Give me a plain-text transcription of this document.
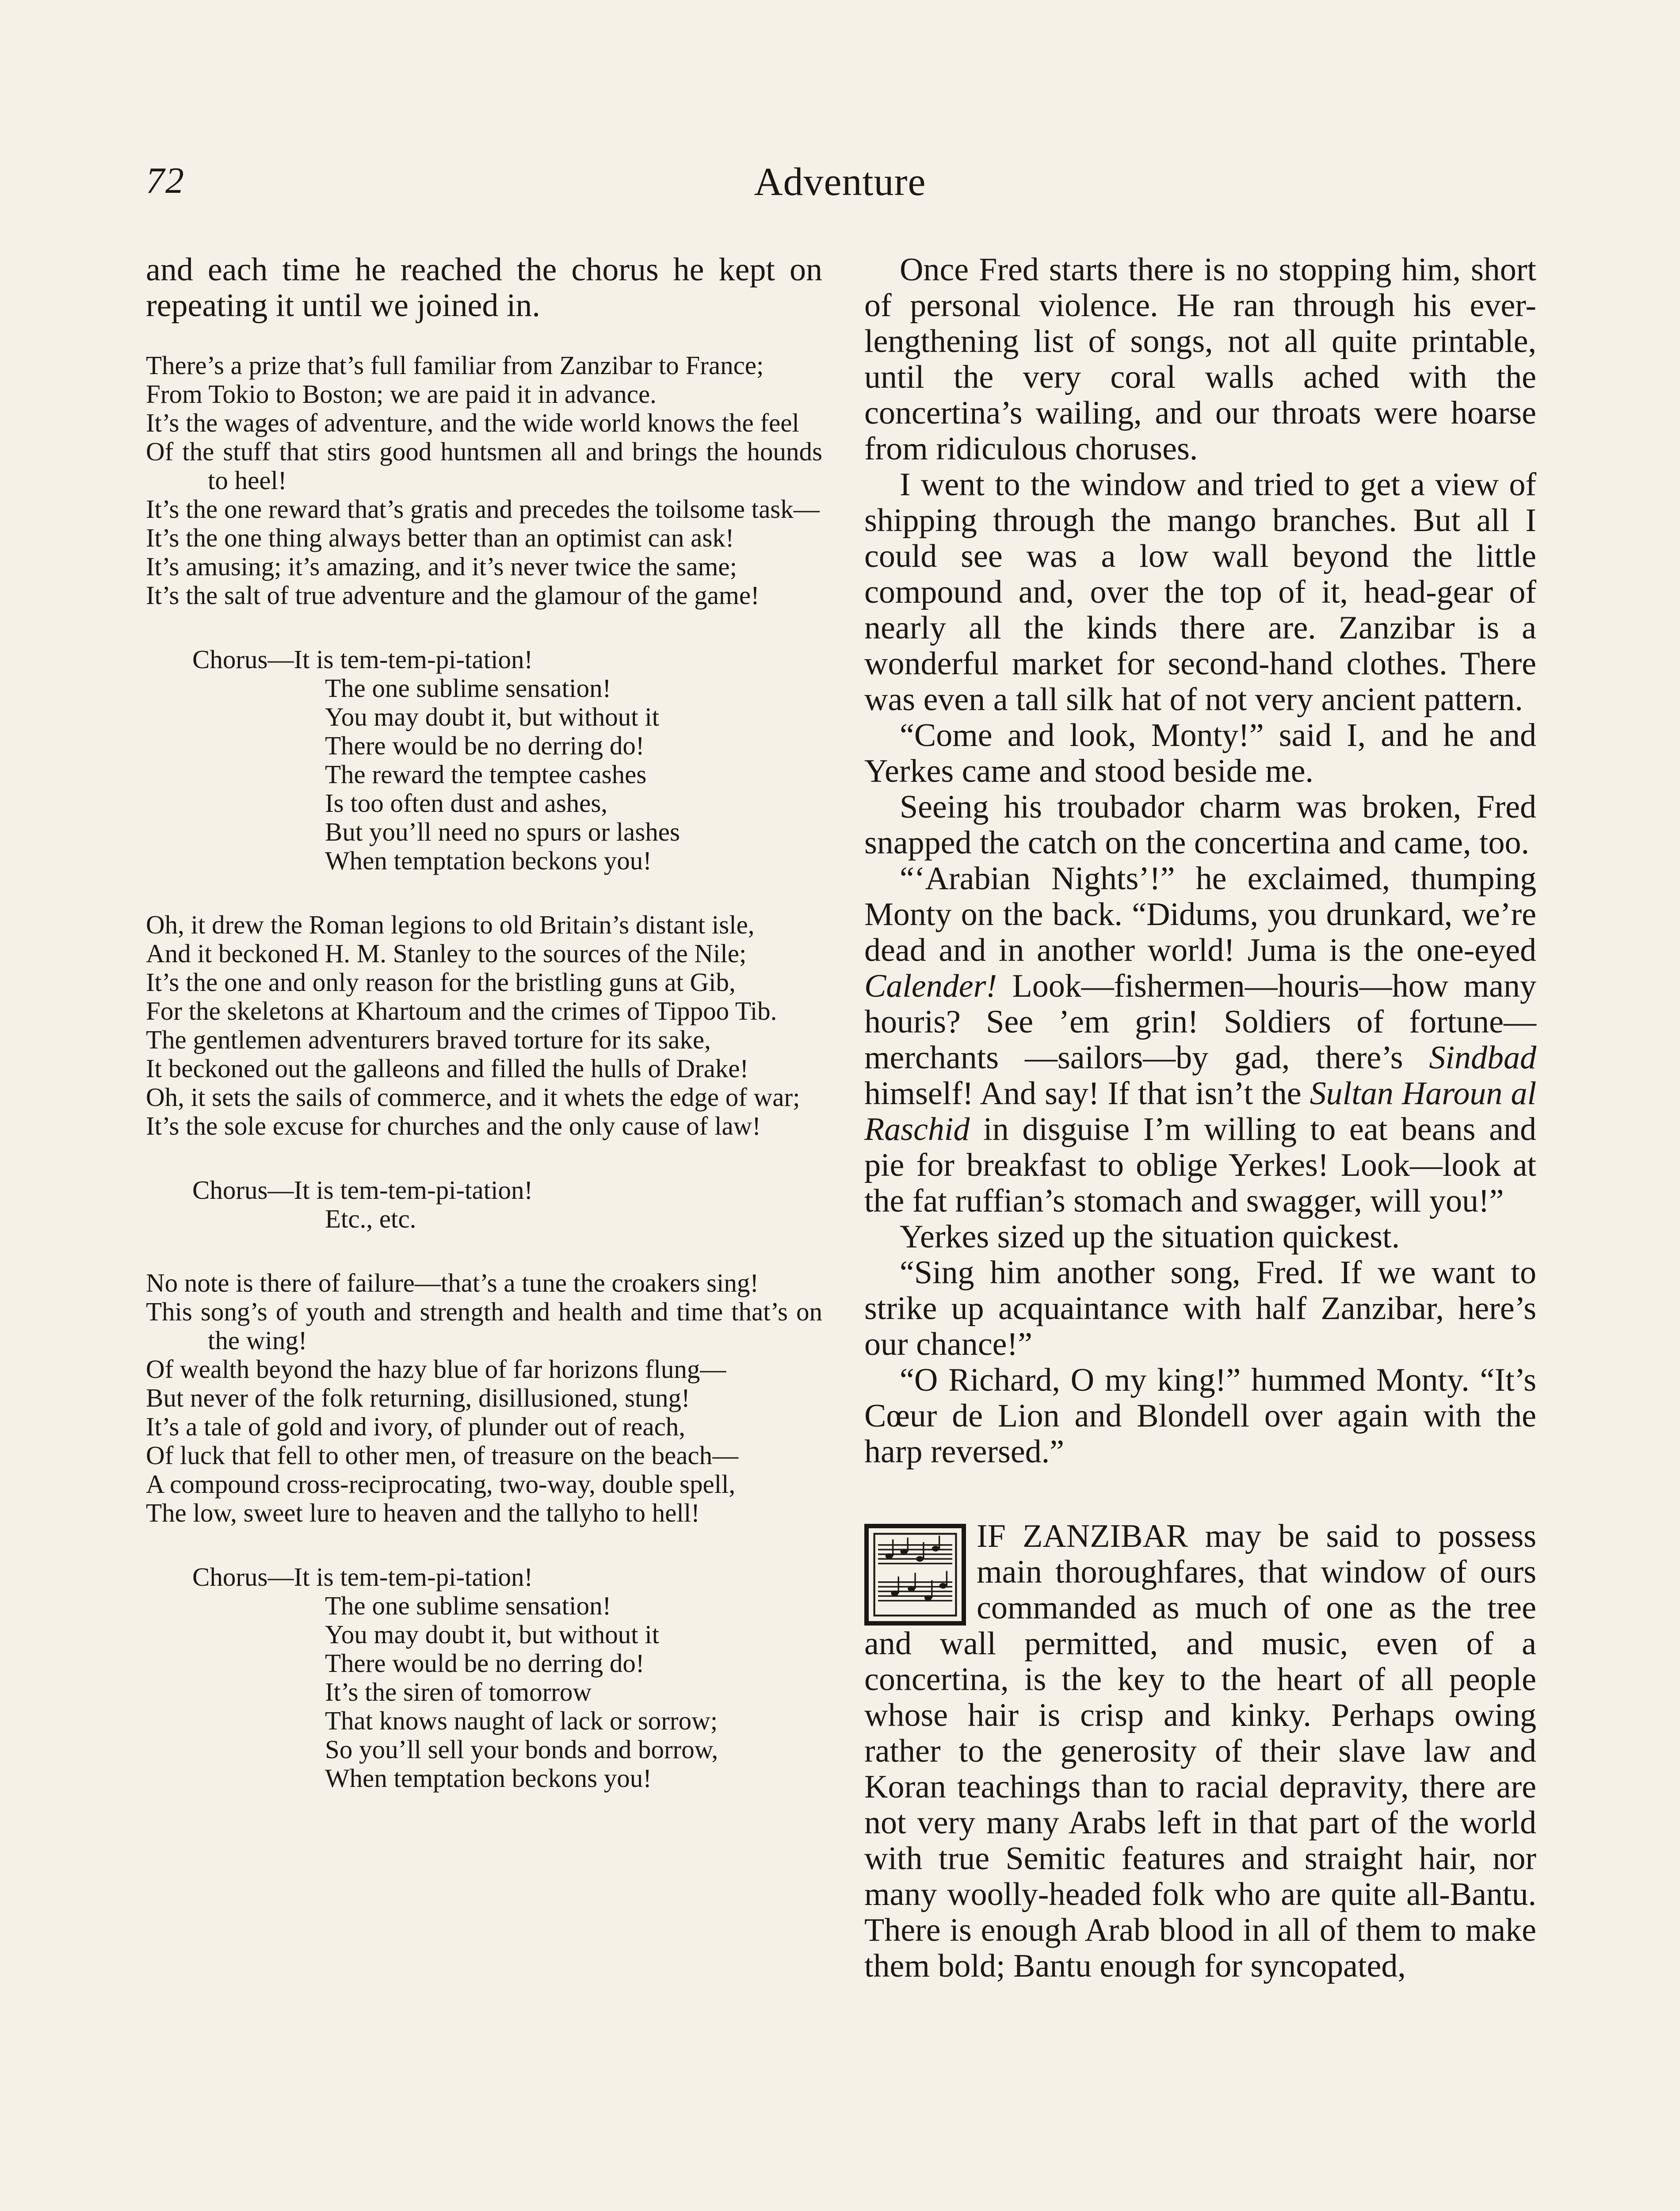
72	Adventure

and each time he reached the chorus he kept on repeating it until we joined in.

There’s a prize that’s full familiar from Zanzibar to France;

From Tokio to Boston; we are paid it in advance.

It’s the wages of adventure, and the wide world knows the feel

Of the stuff that stirs good huntsmen all and brings the hounds to heel!

It’s the one reward that’s gratis and precedes the toilsome task—

It’s the one thing always better than an optimist can ask!

It’s amusing; it’s amazing, and it’s never twice the same;

It’s the salt of true adventure and the glamour of the game!

Chorus—It is tem-tem-pi-tation!

The one sublime sensation!

You may doubt it, but without it

There would be no derring do!

The reward the temptee cashes

Is too often dust and ashes,

But you’ll need no spurs or lashes

When temptation beckons you!

Oh, it drew the Roman legions to old Britain’s distant isle,

And it beckoned H. M. Stanley to the sources of the Nile;

It’s the one and only reason for the bristling guns at Gib,

For the skeletons at Khartoum and the crimes of Tippoo Tib.

The gentlemen adventurers braved torture for its sake,

It beckoned out the galleons and filled the hulls of Drake!

Oh, it sets the sails of commerce, and it whets the edge of war;

It’s the sole excuse for churches and the only cause of law!

Chorus—It is tem-tem-pi-tation!

Etc., etc.

No note is there of failure—that’s a tune the croakers sing!

This song’s of youth and strength and health and time that’s on the wing!

Of wealth beyond the hazy blue of far horizons flung—

But never of the folk returning, disillusioned, stung!

It’s a tale of gold and ivory, of plunder out of reach,

Of luck that fell to other men, of treasure on the beach—

A compound cross-reciprocating, two-way, double spell,

The low, sweet lure to heaven and the tallyho to hell!

Chorus—It is tem-tem-pi-tation!

The one sublime sensation!

You may doubt it, but without it

There would be no derring do!

It’s the siren of tomorrow

That knows naught of lack or sorrow;

So you’ll sell your bonds and borrow,

When temptation beckons you!

Once Fred starts there is no stopping him, short of personal violence. He ran through his ever-lengthening list of songs, not all quite printable, until the very coral walls ached with the concertina’s wailing, and our throats were hoarse from ridiculous choruses.

I went to the window and tried to get a view of shipping through the mango branches. But all I could see was a low wall beyond the little compound and, over the top of it, head-gear of nearly all the kinds there are. Zanzibar is a wonderful market for second-hand clothes. There was even a tall silk hat of not very ancient pattern.

“Come and look, Monty!” said I, and he and Yerkes came and stood beside me.

Seeing his troubador charm was broken, Fred snapped the catch on the concertina and came, too.

“‘Arabian Nights’!” he exclaimed, thumping Monty on the back. “Didums, you drunkard, we’re dead and in another world! Juma is the one-eyed Calender! Look—fishermen—houris—how many houris? See ’em grin! Soldiers of fortune—merchants —sailors—by gad, there’s Sindbad himself! And say! If that isn’t the Sultan Haroun al Raschid in disguise I’m willing to eat beans and pie for breakfast to oblige Yerkes! Look—look at the fat ruffian’s stomach and swagger, will you!”

Yerkes sized up the situation quickest.

“Sing him another song, Fred. If we want to strike up acquaintance with half Zanzibar, here’s our chance!”

“O Richard, O my king!” hummed Monty. “It’s Cœur de Lion and Blondell over again with the harp reversed.”

IF ZANZIBAR may be said to possess main thoroughfares, that window of ours commanded as much of one as the tree and wall permitted, and music, even of a concertina, is the key to the heart of all people whose hair is crisp and kinky. Perhaps owing rather to the generosity of their slave law and Koran teachings than to racial depravity, there are not very many Arabs left in that part of the world with true Semitic features and straight hair, nor many woolly-headed folk who are quite all-Bantu. There is enough Arab blood in all of them to make them bold; Bantu enough for syncopated,
